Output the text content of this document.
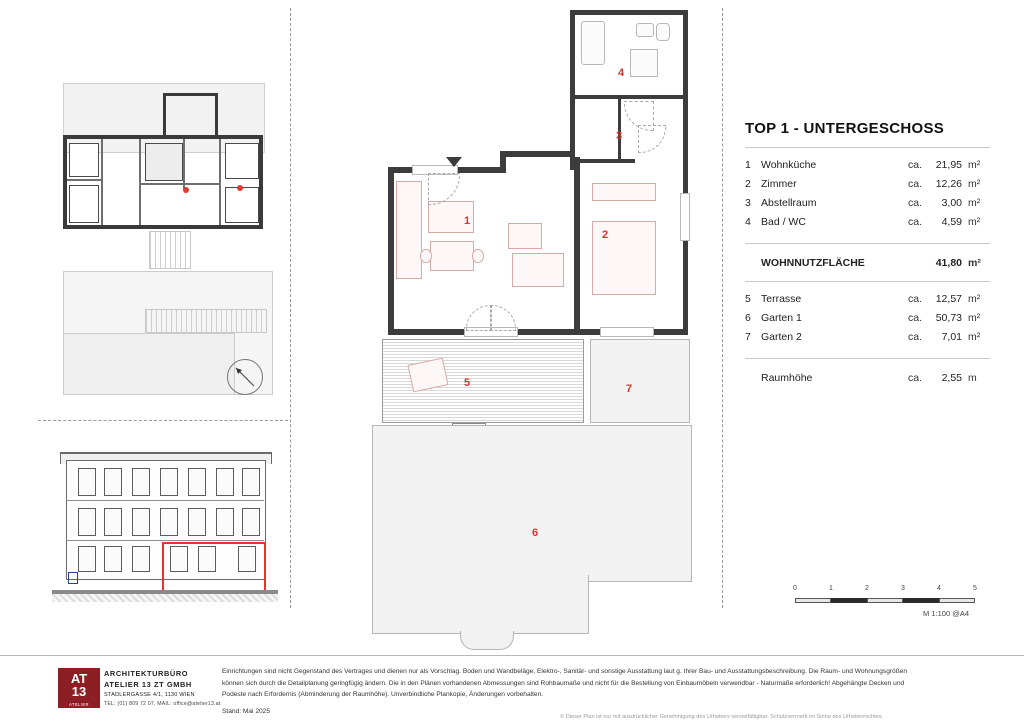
4
3
1
2
5	7
6
TOP 1 - UNTERGESCHOSS
1	Wohnküche	ca.	21,95	m²
2	Zimmer	ca.	12,26	m²
3	Abstellraum	ca.	3,00	m²
4	Bad / WC	ca.	4,59	m²
	WOHNNUTZFLÄCHE		41,80	m²
5	Terrasse	ca.	12,57	m²
6	Garten 1	ca.	50,73	m²
7	Garten 2	ca.	7,01	m²
	Raumhöhe	ca.	2,55	m
0	1	2	3	4	5
M 1:100 @A4
AT
13
ATELIER
ARCHITEKTURBÜRO
ATELIER 13 ZT GMBH
STADLERGASSE 4/1, 1130 WIEN
TEL: (01) 809 72 07, MAIL: office@atelier13.at
Einrichtungen sind nicht Gegenstand des Vertrages und dienen nur als Vorschlag. Boden und Wandbeläge, Elektro-, Sanitär- und sonstige Ausstattung laut g. Ihrer Bau- und Ausstattungsbeschreibung. Die Raum- und Wohnungsgrößen können sich durch die Detailplanung geringfügig ändern. Die in den Plänen vorhandenen Abmessungen sind Rohbaumaße und nicht für die Bestellung von Einbaumöbeln verwendbar - Naturmaße erforderlich! Abgehängte Decken und Podeste nach Erfordernis (Abminderung der Raumhöhe). Unverbindliche Plankopie, Änderungen vorbehalten.
Stand: Mai 2025
© Dieser Plan ist nur mit ausdrücklicher Genehmigung des Urhebers vervielfältigbar. Schutzvermerk im Sinne des Urheberrechtes.
